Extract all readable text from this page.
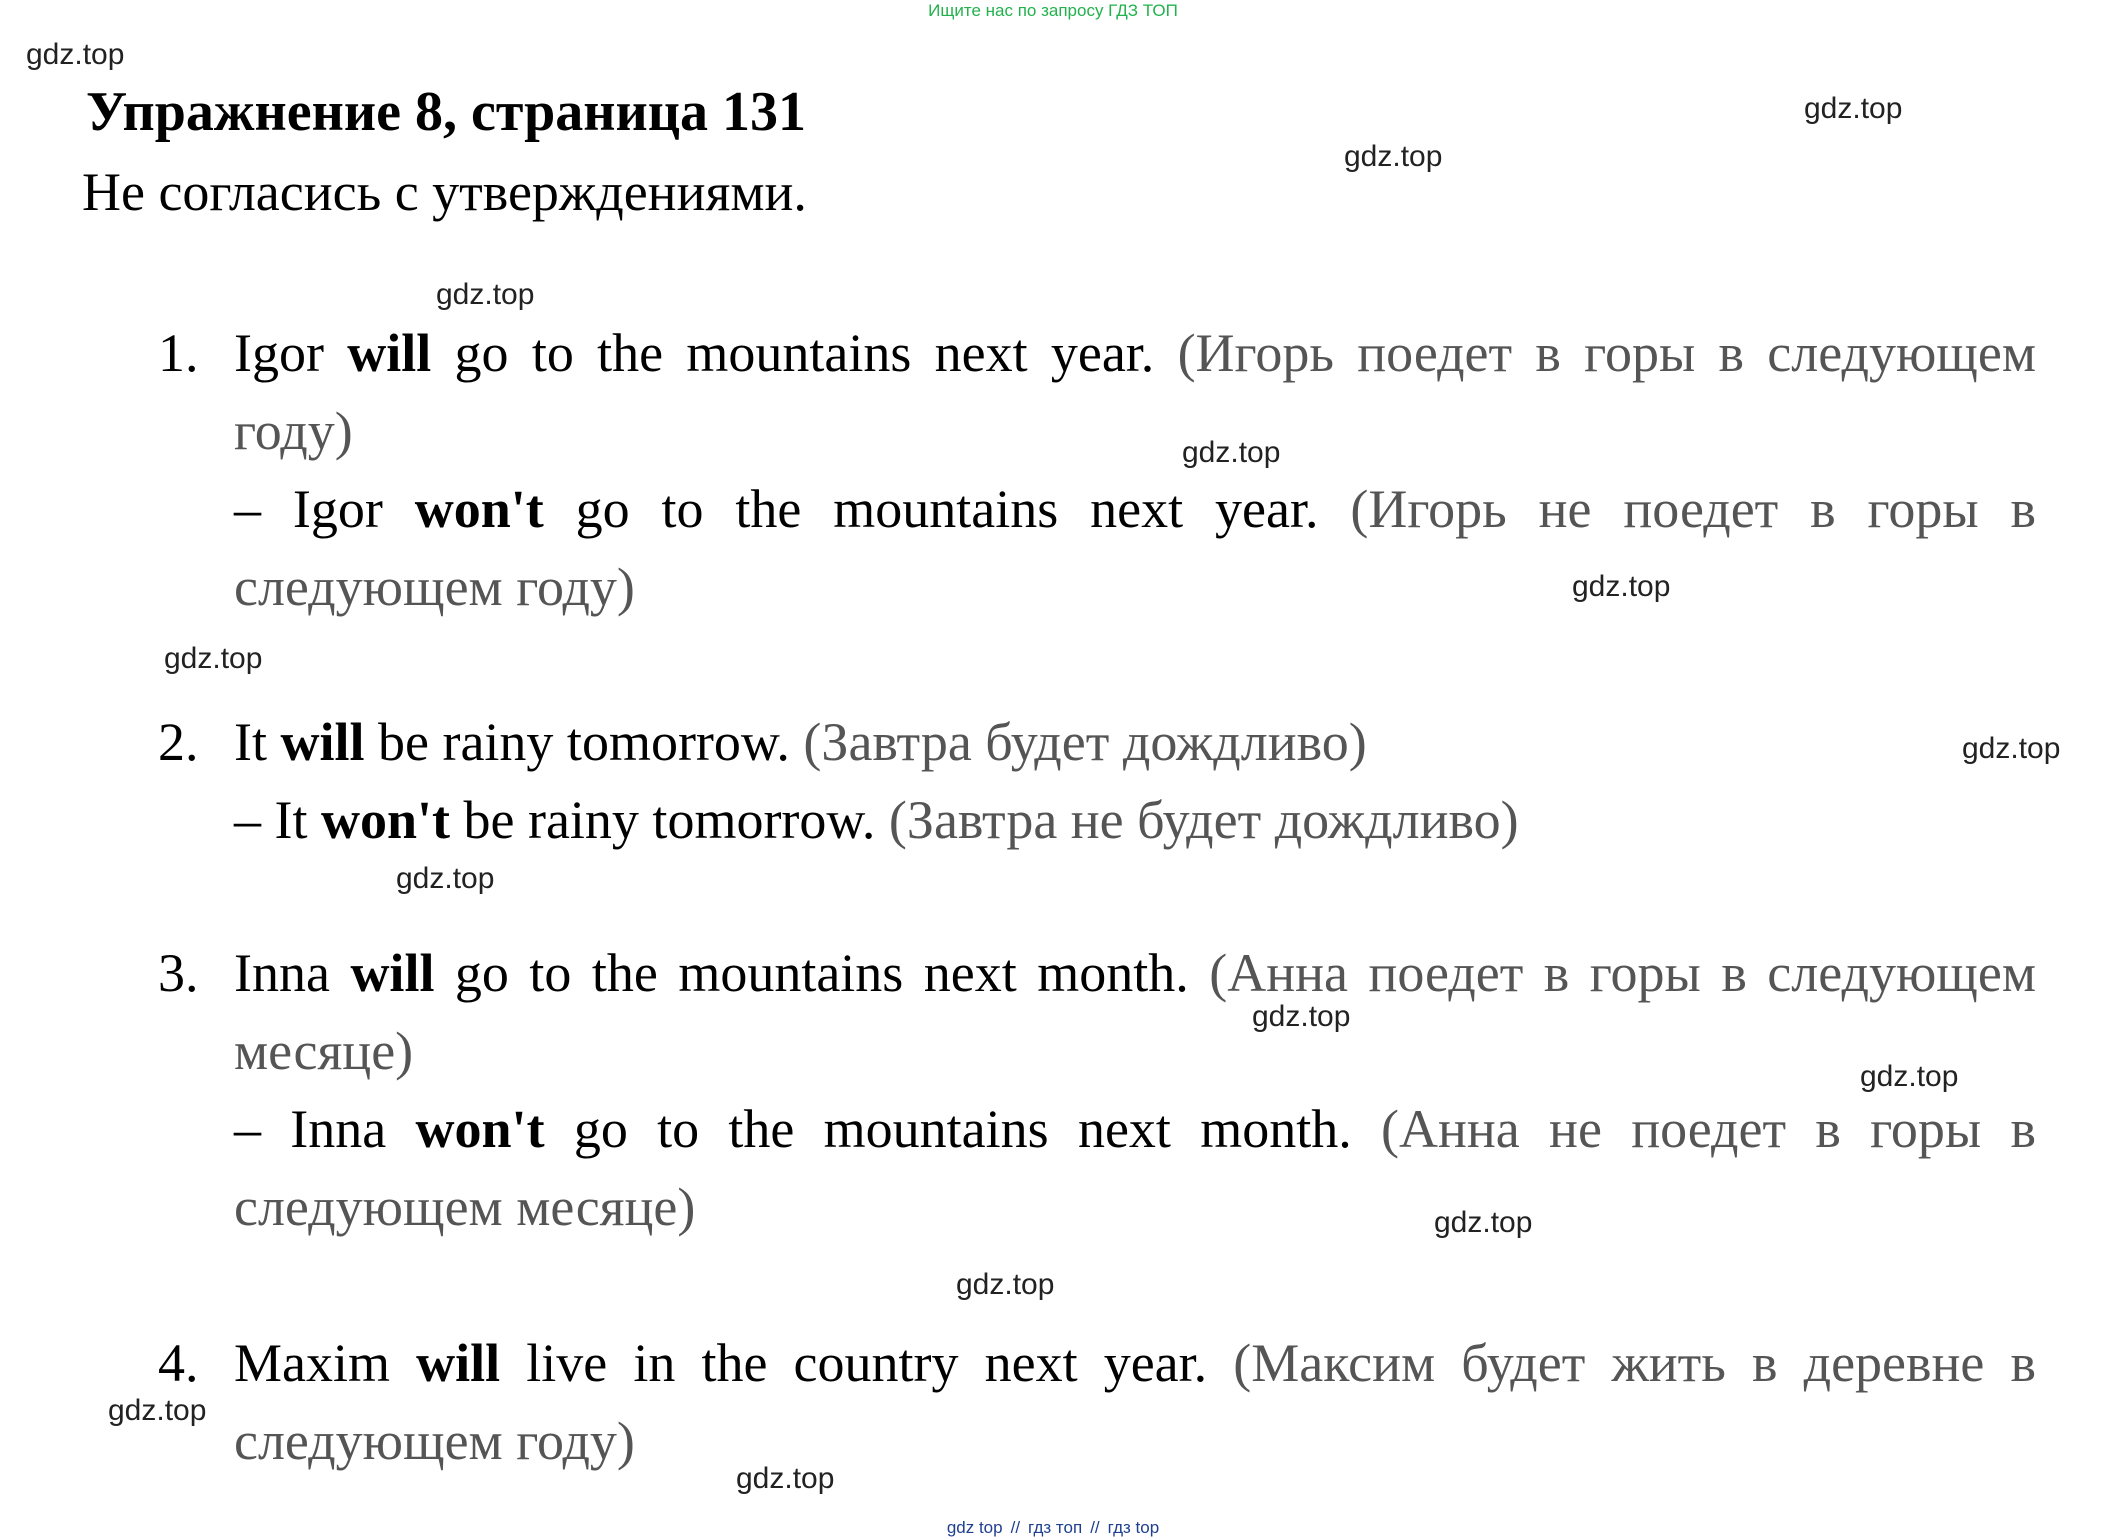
Ищите нас по запросу ГДЗ ТОП
Упражнение 8, страница 131

Не согласись с утверждениями.

1. Igor will go to the mountains next year. (Игорь поедет в горы в следующем году)
– Igor won't go to the mountains next year. (Игорь не поедет в горы в следующем году)
2. It will be rainy tomorrow. (Завтра будет дождливо)
– It won't be rainy tomorrow. (Завтра не будет дождливо)
3. Inna will go to the mountains next month. (Анна поедет в горы в следующем месяце)
– Inna won't go to the mountains next month. (Анна не поедет в горы в следующем месяце)
4. Maxim will live in the country next year. (Максим будет жить в деревне в следующем году)
gdz.top
gdz.top
gdz.top
gdz.top
gdz.top
gdz.top
gdz.top
gdz.top
gdz.top
gdz.top
gdz.top
gdz.top
gdz.top
gdz.top
gdz.top
gdz top // гдз топ // гдз top
